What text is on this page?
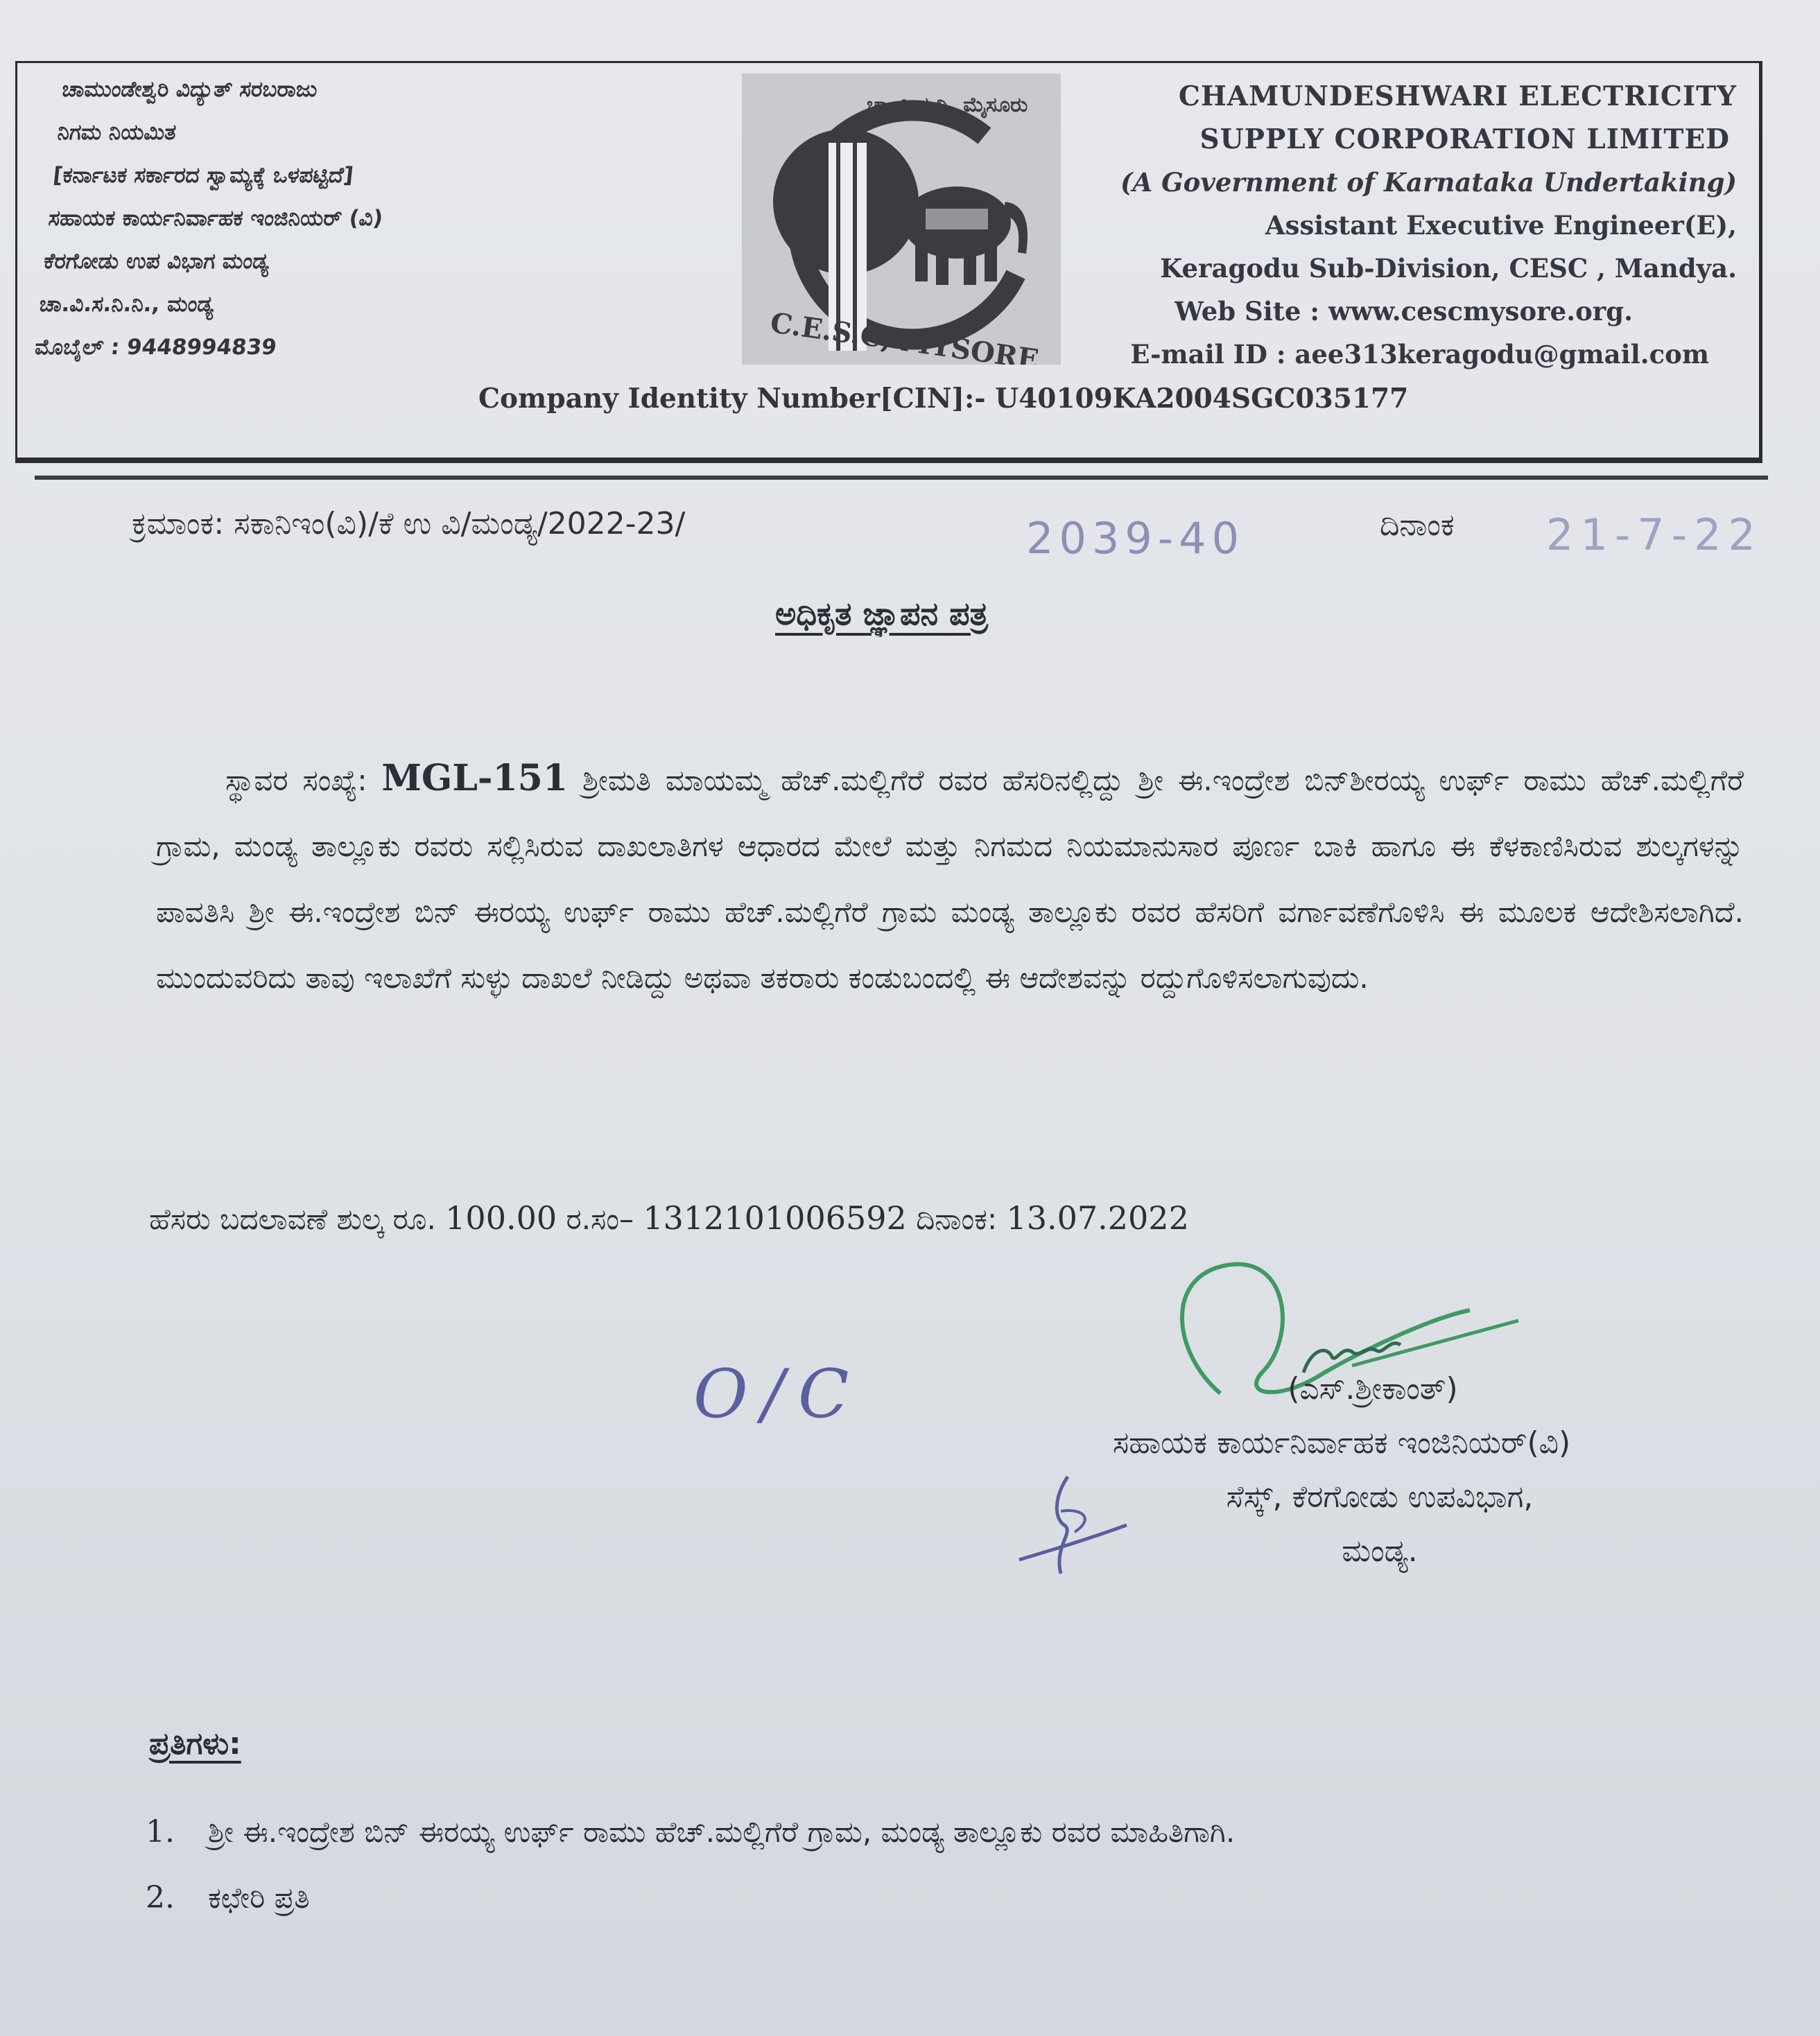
ಚಾಮುಂಡೇಶ್ವರಿ ವಿದ್ಯುತ್ ಸರಬರಾಜು
ನಿಗಮ ನಿಯಮಿತ
[ಕರ್ನಾಟಕ ಸರ್ಕಾರದ ಸ್ವಾಮ್ಯಕ್ಕೆ ಒಳಪಟ್ಟಿದೆ]
ಸಹಾಯಕ ಕಾರ್ಯನಿರ್ವಾಹಕ ಇಂಜಿನಿಯರ್ (ವಿ)
ಕೆರಗೋಡು ಉಪ ವಿಭಾಗ ಮಂಡ್ಯ
ಚಾ.ವಿ.ಸ.ನಿ.ನಿ., ಮಂಡ್ಯ
ಮೊಬೈಲ್ : 9448994839
ಚಾ.ವಿ.ಸ.ನಿ. ಮೈಸೂರು
C.E.S.C, MYSORE
CHAMUNDESHWARI ELECTRICITY
SUPPLY CORPORATION LIMITED
(A Government of Karnataka Undertaking)
Assistant Executive Engineer(E),
Keragodu Sub-Division, CESC , Mandya.
Web Site : www.cescmysore.org.
E-mail ID : aee313keragodu@gmail.com
Company Identity Number[CIN]:- U40109KA2004SGC035177
ಕ್ರಮಾಂಕ: ಸಕಾನಿಇಂ(ವಿ)/ಕೆ ಉ ವಿ/ಮಂಡ್ಯ/2022-23/	2039-40	ದಿನಾಂಕ 21-7-22
ಅಧಿಕೃತ ಜ್ಞಾಪನ ಪತ್ರ
ಸ್ಥಾವರ ಸಂಖ್ಯೆ: MGL-151 ಶ್ರೀಮತಿ ಮಾಯಮ್ಮ ಹೆಚ್.ಮಲ್ಲಿಗೆರೆ ರವರ ಹೆಸರಿನಲ್ಲಿದ್ದು ಶ್ರೀ ಈ.ಇಂದ್ರೇಶ ಬಿನ್‌ಶೀರಯ್ಯ ಉರ್ಫ್ ರಾಮು ಹೆಚ್.ಮಲ್ಲಿಗೆರೆ ಗ್ರಾಮ, ಮಂಡ್ಯ ತಾಲ್ಲೂಕು ರವರು ಸಲ್ಲಿಸಿರುವ ದಾಖಲಾತಿಗಳ ಆಧಾರದ ಮೇಲೆ ಮತ್ತು ನಿಗಮದ ನಿಯಮಾನುಸಾರ ಪೂರ್ಣ ಬಾಕಿ ಹಾಗೂ ಈ ಕೆಳಕಾಣಿಸಿರುವ ಶುಲ್ಕಗಳನ್ನು ಪಾವತಿಸಿ ಶ್ರೀ ಈ.ಇಂದ್ರೇಶ ಬಿನ್ ಈರಯ್ಯ ಉರ್ಫ್ ರಾಮು ಹೆಚ್.ಮಲ್ಲಿಗೆರೆ ಗ್ರಾಮ ಮಂಡ್ಯ ತಾಲ್ಲೂಕು ರವರ ಹೆಸರಿಗೆ ವರ್ಗಾವಣೆಗೊಳಿಸಿ ಈ ಮೂಲಕ ಆದೇಶಿಸಲಾಗಿದೆ. ಮುಂದುವರಿದು ತಾವು ಇಲಾಖೆಗೆ ಸುಳ್ಳು ದಾಖಲೆ ನೀಡಿದ್ದು ಅಥವಾ ತಕರಾರು ಕಂಡುಬಂದಲ್ಲಿ ಈ ಆದೇಶವನ್ನು ರದ್ದುಗೊಳಿಸಲಾಗುವುದು.
ಹೆಸರು ಬದಲಾವಣೆ ಶುಲ್ಕ ರೂ. 100.00 ರ.ಸಂ– 1312101006592 ದಿನಾಂಕ: 13.07.2022
O/C	(ಎಸ್.ಶ್ರೀಕಾಂತ್)
ಸಹಾಯಕ ಕಾರ್ಯನಿರ್ವಾಹಕ ಇಂಜಿನಿಯರ್(ವಿ)
ಸೆಸ್ಕ್, ಕೆರಗೋಡು ಉಪವಿಭಾಗ,
ಮಂಡ್ಯ.
ಪ್ರತಿಗಳು:
1.	ಶ್ರೀ ಈ.ಇಂದ್ರೇಶ ಬಿನ್ ಈರಯ್ಯ ಉರ್ಫ್ ರಾಮು ಹೆಚ್.ಮಲ್ಲಿಗೆರೆ ಗ್ರಾಮ, ಮಂಡ್ಯ ತಾಲ್ಲೂಕು ರವರ ಮಾಹಿತಿಗಾಗಿ.
2.	ಕಛೇರಿ ಪ್ರತಿ
